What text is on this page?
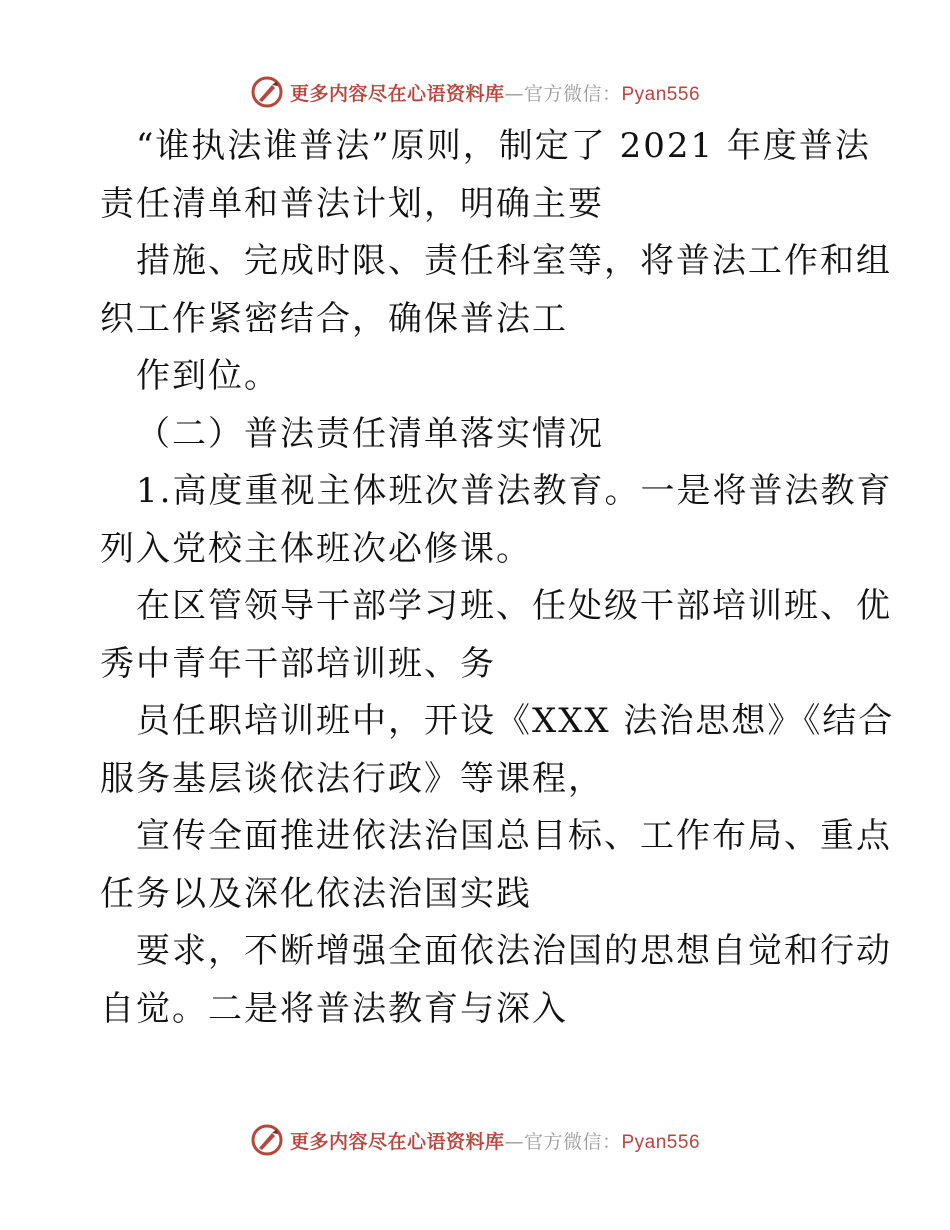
更多内容尽在心语资料库—官方微信：Pyan556
“谁执法谁普法”原则，制定了 2021 年度普法
责任清单和普法计划，明确主要
措施、完成时限、责任科室等，将普法工作和组
织工作紧密结合，确保普法工
作到位。
（二）普法责任清单落实情况
1.高度重视主体班次普法教育。一是将普法教育
列入党校主体班次必修课。
在区管领导干部学习班、任处级干部培训班、优
秀中青年干部培训班、务
员任职培训班中，开设《XXX 法治思想》《结合
服务基层谈依法行政》等课程，
宣传全面推进依法治国总目标、工作布局、重点
任务以及深化依法治国实践
要求，不断增强全面依法治国的思想自觉和行动
自觉。二是将普法教育与深入
更多内容尽在心语资料库—官方微信：Pyan556
